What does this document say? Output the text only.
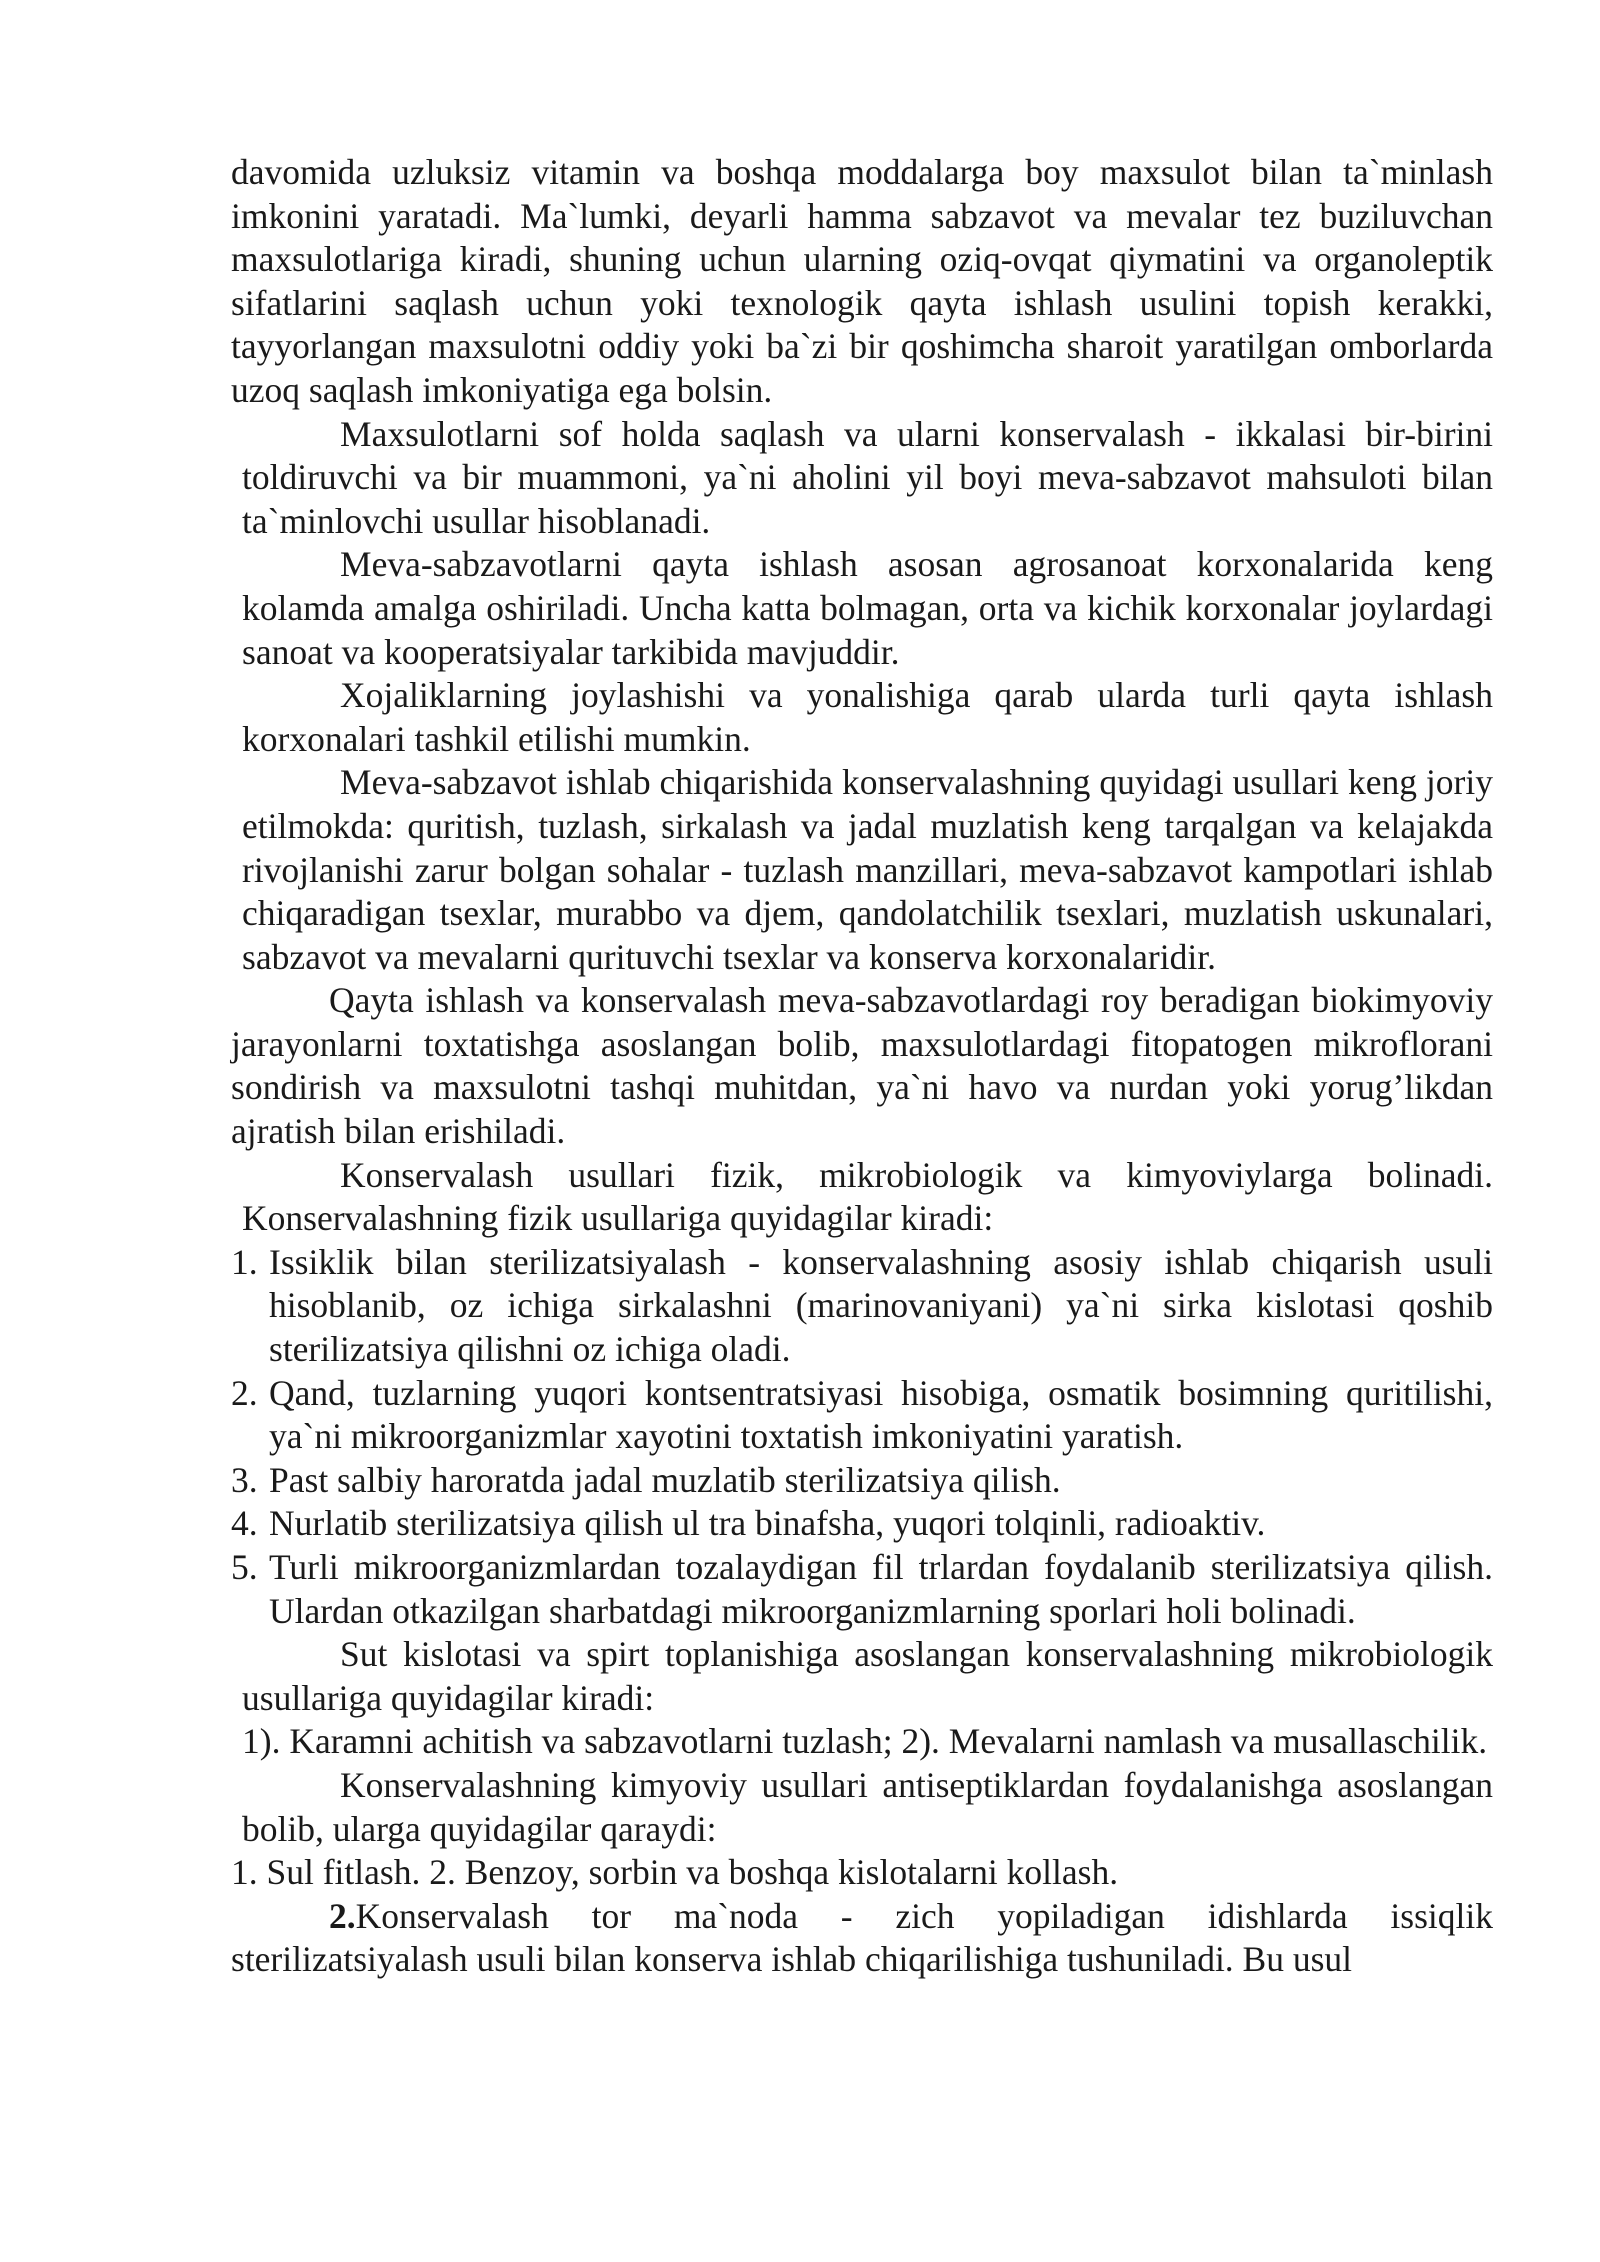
davomida uzluksiz vitamin va boshqa moddalarga boy maxsulot bilan ta`minlash imkonini yaratadi. Ma`lumki, deyarli hamma sabzavot va mevalar tez buziluvchan maxsulotlariga kiradi, shuning uchun ularning oziq-ovqat qiymatini va organoleptik sifatlarini saqlash uchun yoki texnologik qayta ishlash usulini topish kerakki, tayyorlangan maxsulotni oddiy yoki ba`zi bir qoshimcha sharoit yaratilgan omborlarda uzoq saqlash imkoniyatiga ega bolsin.

Maxsulotlarni sof holda saqlash va ularni konservalash - ikkalasi bir-birini toldiruvchi va bir muammoni, ya`ni aholini yil boyi meva-sabzavot mahsuloti bilan ta`minlovchi usullar hisoblanadi.

Meva-sabzavotlarni qayta ishlash asosan agrosanoat korxonalarida keng kolamda amalga oshiriladi. Uncha katta bolmagan, orta va kichik korxonalar joylardagi sanoat va kooperatsiyalar tarkibida mavjuddir.

Xojaliklarning joylashishi va yonalishiga qarab ularda turli qayta ishlash korxonalari tashkil etilishi mumkin.

Meva-sabzavot ishlab chiqarishida konservalashning quyidagi usullari keng joriy etilmokda: quritish, tuzlash, sirkalash va jadal muzlatish keng tarqalgan va kelajakda rivojlanishi zarur bolgan sohalar - tuzlash manzillari, meva-sabzavot kampotlari ishlab chiqaradigan tsexlar, murabbo va djem, qandolatchilik tsexlari, muzlatish uskunalari, sabzavot va mevalarni qurituvchi tsexlar va konserva korxonalaridir.

Qayta ishlash va konservalash meva-sabzavotlardagi roy beradigan biokimyoviy jarayonlarni toxtatishga asoslangan bolib, maxsulotlardagi fitopatogen mikroflorani sondirish va maxsulotni tashqi muhitdan, ya`ni havo va nurdan yoki yorug’likdan ajratish bilan erishiladi.

Konservalash usullari fizik, mikrobiologik va kimyoviylarga bolinadi. Konservalashning fizik usullariga quyidagilar kiradi:

1. Issiklik bilan sterilizatsiyalash - konservalashning asosiy ishlab chiqarish usuli hisoblanib, oz ichiga sirkalashni (marinovaniyani) ya`ni sirka kislotasi qoshib sterilizatsiya qilishni oz ichiga oladi.
2. Qand, tuzlarning yuqori kontsentratsiyasi hisobiga, osmatik bosimning quritilishi, ya`ni mikroorganizmlar xayotini toxtatish imkoniyatini yaratish.
3. Past salbiy haroratda jadal muzlatib sterilizatsiya qilish.
4. Nurlatib sterilizatsiya qilish ul tra binafsha, yuqori tolqinli, radioaktiv.
5. Turli mikroorganizmlardan tozalaydigan fil trlardan foydalanib sterilizatsiya qilish. Ulardan otkazilgan sharbatdagi mikroorganizmlarning sporlari holi bolinadi.

Sut kislotasi va spirt toplanishiga asoslangan konservalashning mikrobiologik usullariga quyidagilar kiradi:

1). Karamni achitish va sabzavotlarni tuzlash; 2). Mevalarni namlash va musallaschilik.

Konservalashning kimyoviy usullari antiseptiklardan foydalanishga asoslangan bolib, ularga quyidagilar qaraydi:

1. Sul fitlash. 2. Benzoy, sorbin va boshqa kislotalarni kollash.

2.Konservalash tor ma`noda - zich yopiladigan idishlarda issiqlik sterilizatsiyalash usuli bilan konserva ishlab chiqarilishiga tushuniladi. Bu usul
